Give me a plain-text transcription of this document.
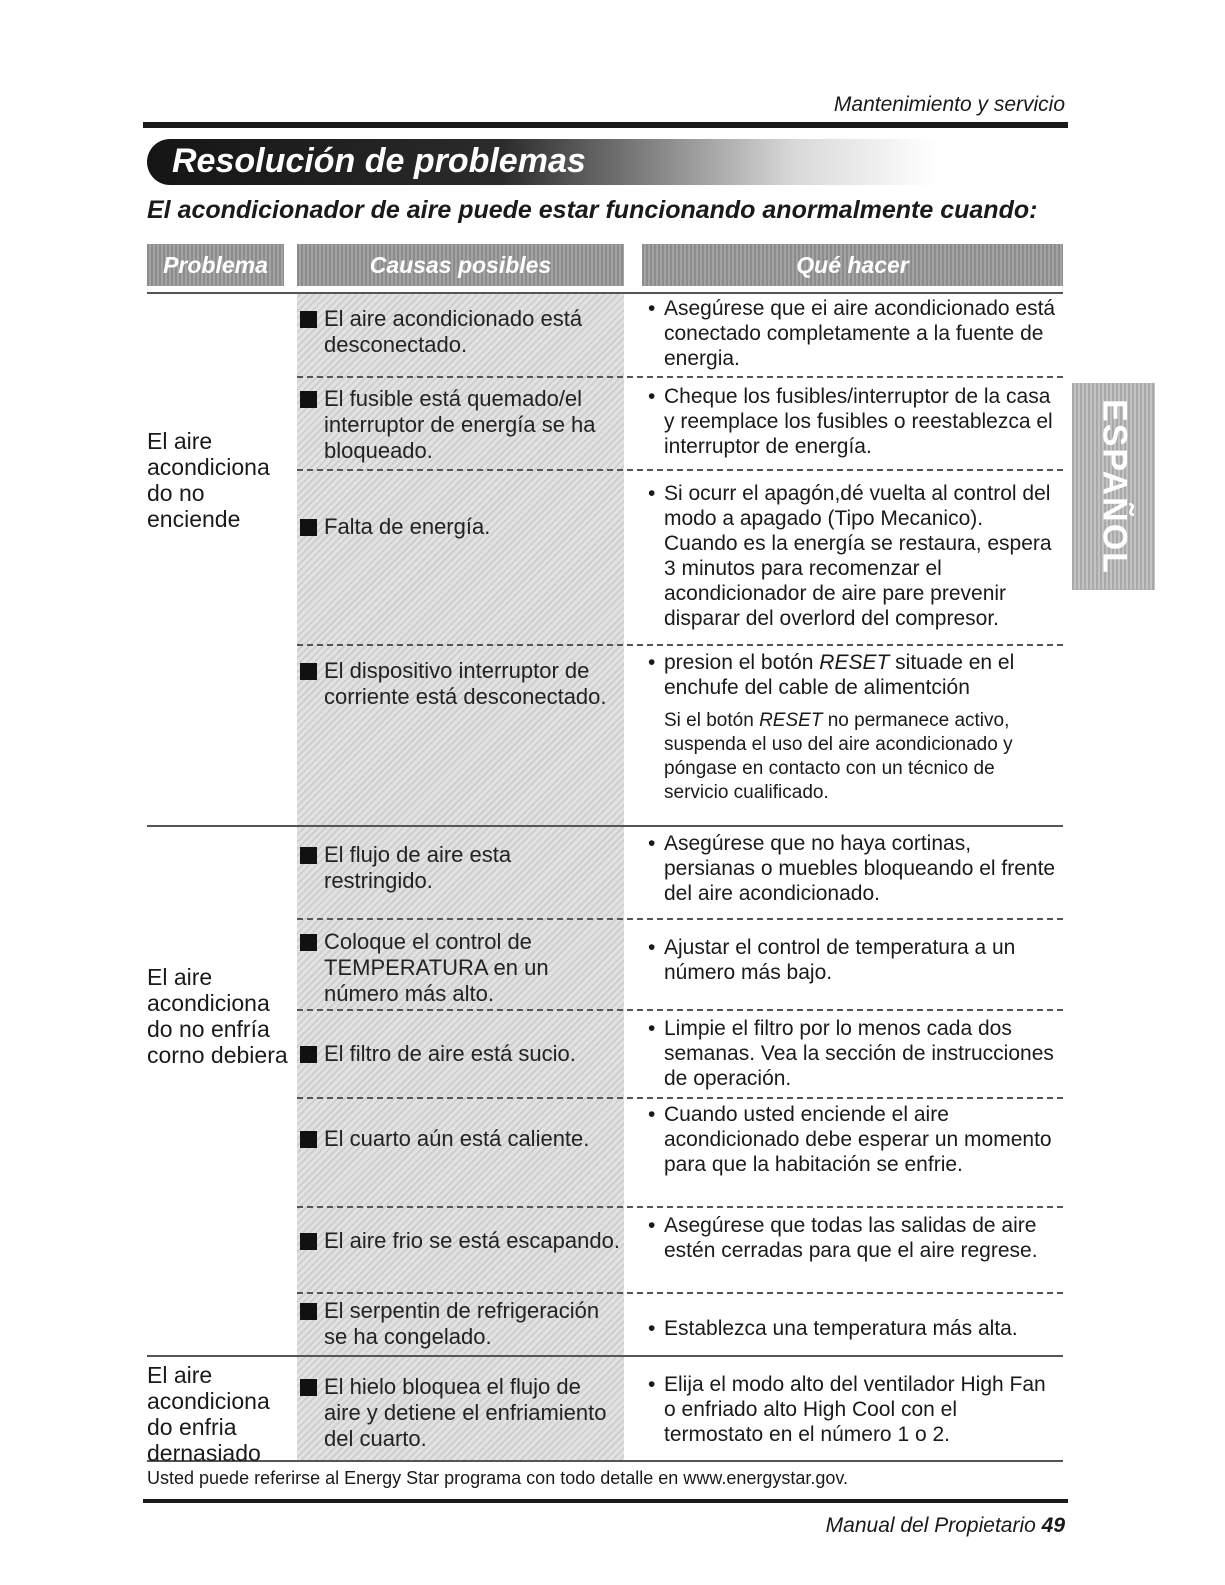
Mantenimiento y servicio
Resolución de problemas
El acondicionador de aire puede estar funcionando anormalmente cuando:
Problema	Causas posibles	Qué hacer
El aire acondiciona do no enciende
El aire acondiciona do no enfría corno debiera
El aire acondiciona do enfria dernasiado
El aire acondicionado está desconectado.
El fusible está quemado/el interruptor de energía se ha bloqueado.
Falta de energía.
El dispositivo interruptor de corriente está desconectado.
El flujo de aire esta restringido.
Coloque el control de TEMPERATURA en un número más alto.
El filtro de aire está sucio.
El cuarto aún está caliente.
El aire frio se está escapando.
El serpentin de refrigeración se ha congelado.
El hielo bloquea el flujo de aire y detiene el enfriamiento del cuarto.
• Asegúrese que ei aire acondicionado está conectado completamente a la fuente de energia.
• Cheque los fusibles/interruptor de la casa y reemplace los fusibles o reestablezca el interruptor de energía.
• Si ocurr el apagón,dé vuelta al control del modo a apagado (Tipo Mecanico). Cuando es la energía se restaura, espera 3 minutos para recomenzar el acondicionador de aire pare prevenir disparar del overlord del compresor.
• presion el botón RESET situade en el enchufe del cable de alimentción
Si el botón RESET no permanece activo, suspenda el uso del aire acondicionado y póngase en contacto con un técnico de servicio cualificado.
• Asegúrese que no haya cortinas, persianas o muebles bloqueando el frente del aire acondicionado.
• Ajustar el control de temperatura a un número más bajo.
• Limpie el filtro por lo menos cada dos semanas. Vea la sección de instrucciones de operación.
• Cuando usted enciende el aire acondicionado debe esperar un momento para que la habitación se enfrie.
• Asegúrese que todas las salidas de aire estén cerradas para que el aire regrese.
• Establezca una temperatura más alta.
• Elija el modo alto del ventilador High Fan o enfriado alto High Cool con el termostato en el número 1 o 2.
ESPAÑOL
Usted puede referirse al Energy Star programa con todo detalle en www.energystar.gov.
Manual del Propietario 49
